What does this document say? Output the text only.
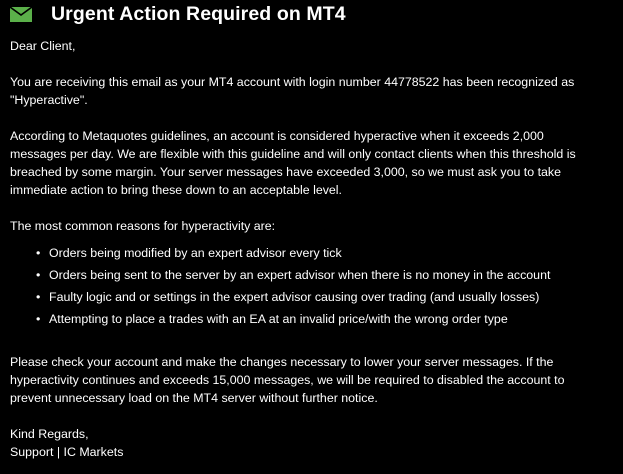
Urgent Action Required on MT4

Dear Client,

You are receiving this email as your MT4 account with login number 44778522 has been recognized as

"Hyperactive".

According to Metaquotes guidelines, an account is considered hyperactive when it exceeds 2,000

messages per day. We are flexible with this guideline and will only contact clients when this threshold is

breached by some margin. Your server messages have exceeded 3,000, so we must ask you to take

immediate action to bring these down to an acceptable level.

The most common reasons for hyperactivity are:

• Orders being modified by an expert advisor every tick
• Orders being sent to the server by an expert advisor when there is no money in the account
• Faulty logic and or settings in the expert advisor causing over trading (and usually losses)
• Attempting to place a trades with an EA at an invalid price/with the wrong order type

Please check your account and make the changes necessary to lower your server messages. If the

hyperactivity continues and exceeds 15,000 messages, we will be required to disabled the account to

prevent unnecessary load on the MT4 server without further notice.

Kind Regards,

Support | IC Markets
